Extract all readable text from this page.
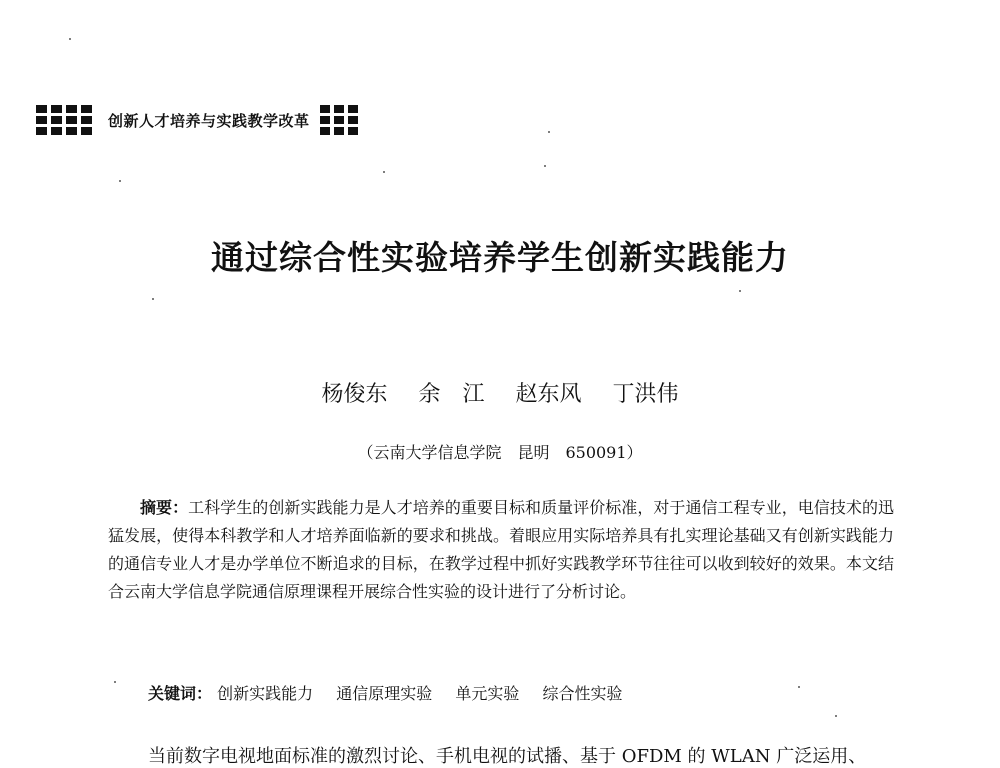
创新人才培养与实践教学改革
通过综合性实验培养学生创新实践能力
杨俊东 余　江 赵东风 丁洪伟
（云南大学信息学院　昆明　650091）

摘要：工科学生的创新实践能力是人才培养的重要目标和质量评价标准，对于通信工程专业，电信技术的迅猛发展，使得本科教学和人才培养面临新的要求和挑战。着眼应用实际培养具有扎实理论基础又有创新实践能力的通信专业人才是办学单位不断追求的目标，在教学过程中抓好实践教学环节往往可以收到较好的效果。本文结合云南大学信息学院通信原理课程开展综合性实验的设计进行了分析讨论。

关键词： 创新实践能力 通信原理实验 单元实验 综合性实验
当前数字电视地面标准的激烈讨论、手机电视的试播、基于 OFDM 的 WLAN 广泛运用、
